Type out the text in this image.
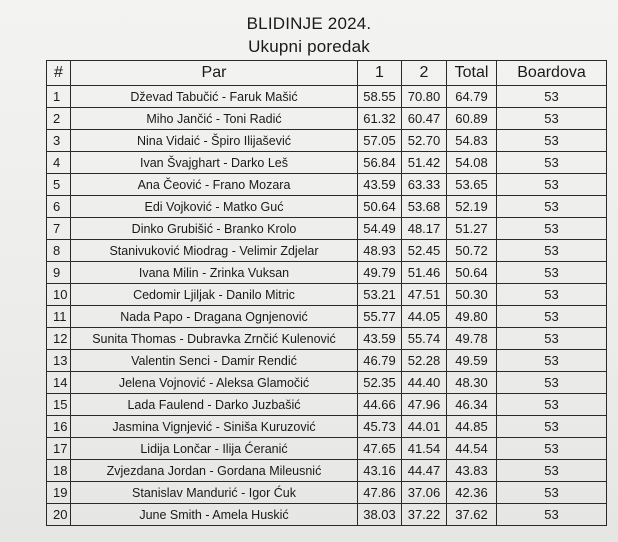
BLIDINJE 2024.
Ukupni poredak
#	Par	1	2	Total	Boardova
1	Dževad Tabučić - Faruk Mašić	58.55	70.80	64.79	53
2	Miho Jančić - Toni Radić	61.32	60.47	60.89	53
3	Nina Vidaić - Špiro Ilijašević	57.05	52.70	54.83	53
4	Ivan Švajghart - Darko Leš	56.84	51.42	54.08	53
5	Ana Čeović - Frano Mozara	43.59	63.33	53.65	53
6	Edi Vojković - Matko Guć	50.64	53.68	52.19	53
7	Dinko Grubišić - Branko Krolo	54.49	48.17	51.27	53
8	Stanivuković Miodrag - Velimir Zdjelar	48.93	52.45	50.72	53
9	Ivana Milin - Zrinka Vuksan	49.79	51.46	50.64	53
10	Cedomir Ljiljak - Danilo Mitric	53.21	47.51	50.30	53
11	Nada Papo - Dragana Ognjenović	55.77	44.05	49.80	53
12	Sunita Thomas - Dubravka Zrnčić Kulenović	43.59	55.74	49.78	53
13	Valentin Senci - Damir Rendić	46.79	52.28	49.59	53
14	Jelena Vojnović - Aleksa Glamočić	52.35	44.40	48.30	53
15	Lada Faulend - Darko Juzbašić	44.66	47.96	46.34	53
16	Jasmina Vignjević - Siniša Kuruzović	45.73	44.01	44.85	53
17	Lidija Lončar - Ilija Ćeranić	47.65	41.54	44.54	53
18	Zvjezdana Jordan - Gordana Mileusnić	43.16	44.47	43.83	53
19	Stanislav Mandurić - Igor Ćuk	47.86	37.06	42.36	53
20	June Smith - Amela Huskić	38.03	37.22	37.62	53
